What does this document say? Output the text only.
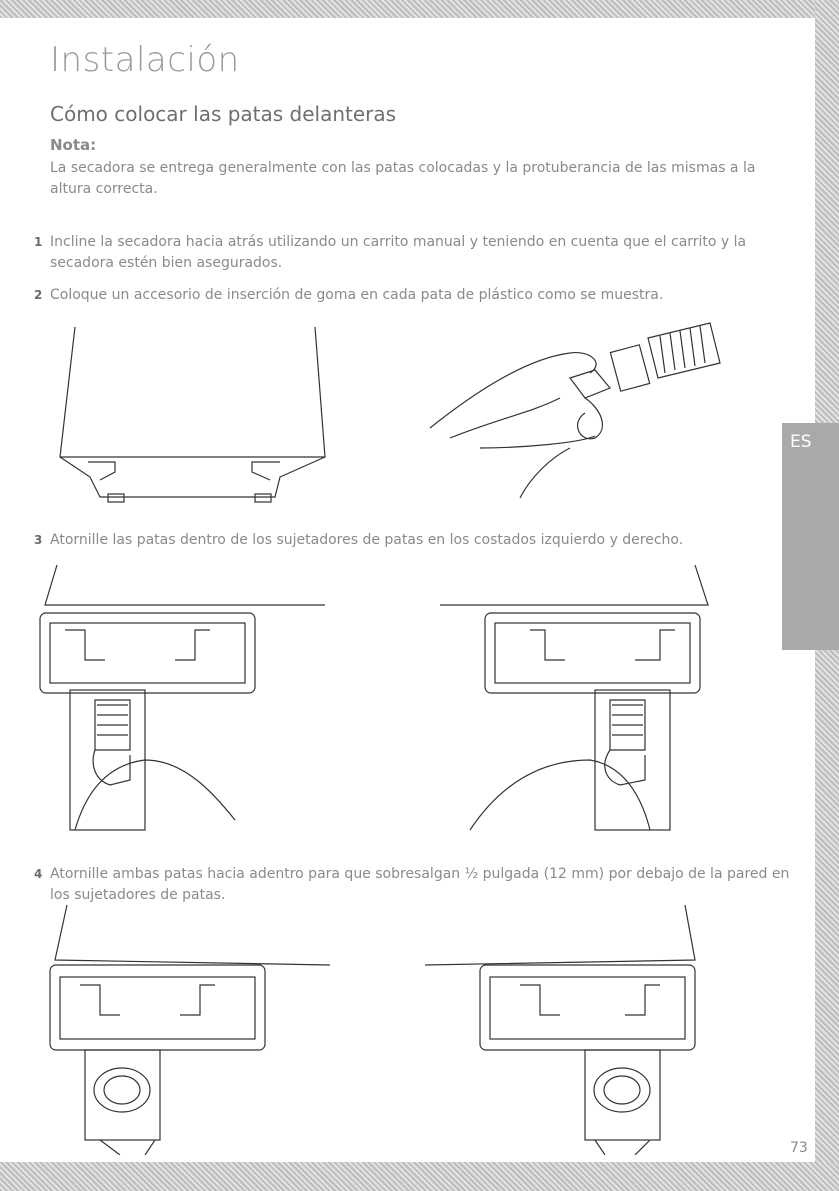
ES
Instalación
Cómo colocar las patas delanteras
Nota:
La secadora se entrega generalmente con las patas colocadas y la protuberancia de las mismas a la altura correcta.
1 Incline la secadora hacia atrás utilizando un carrito manual y teniendo en cuenta que el carrito y la secadora estén bien asegurados.
2 Coloque un accesorio de inserción de goma en cada pata de plástico como se muestra.
3 Atornille las patas dentro de los sujetadores de patas en los costados izquierdo y derecho.
4 Atornille ambas patas hacia adentro para que sobresalgan ½ pulgada (12 mm) por debajo de la pared en los sujetadores de patas.
73
